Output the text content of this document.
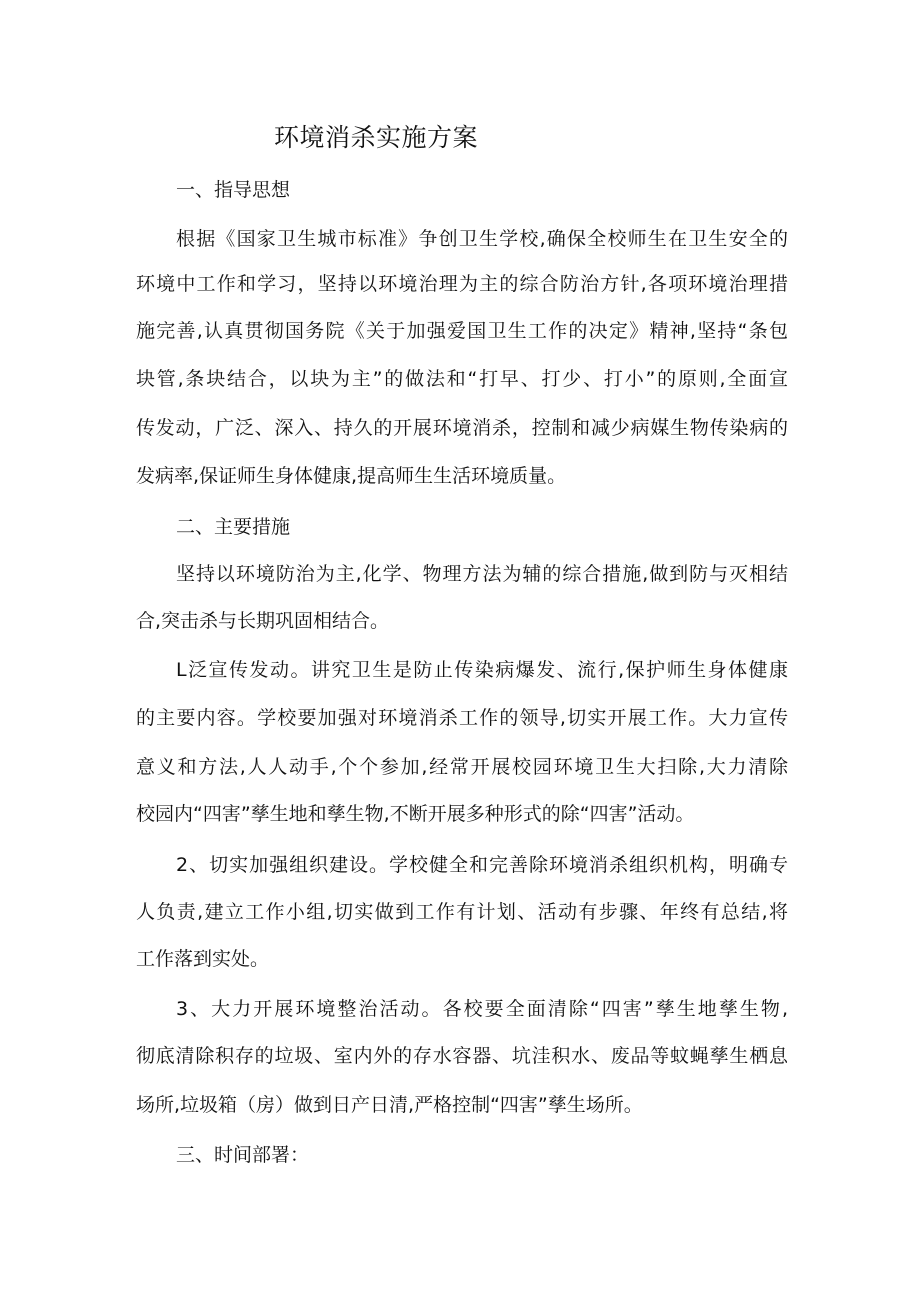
环境消杀实施方案
一、指导思想
根据《国家卫生城市标准》争创卫生学校,确保全校师生在卫生安全的
环境中工作和学习，坚持以环境治理为主的综合防治方针,各项环境治理措
施完善,认真贯彻国务院《关于加强爱国卫生工作的决定》精神,坚持“条包
块管,条块结合，以块为主”的做法和“打早、打少、打小”的原则,全面宣
传发动，广泛、深入、持久的开展环境消杀，控制和减少病媒生物传染病的
发病率,保证师生身体健康,提高师生生活环境质量。
二、主要措施
坚持以环境防治为主,化学、物理方法为辅的综合措施,做到防与灭相结
合,突击杀与长期巩固相结合。
L泛宣传发动。讲究卫生是防止传染病爆发、流行,保护师生身体健康
的主要内容。学校要加强对环境消杀工作的领导,切实开展工作。大力宣传
意义和方法,人人动手,个个参加,经常开展校园环境卫生大扫除,大力清除
校园内“四害”孳生地和孳生物,不断开展多种形式的除“四害”活动。
2、切实加强组织建设。学校健全和完善除环境消杀组织机构，明确专
人负责,建立工作小组,切实做到工作有计划、活动有步骤、年终有总结,将
工作落到实处。
3、大力开展环境整治活动。各校要全面清除“四害”孳生地孳生物,
彻底清除积存的垃圾、室内外的存水容器、坑洼积水、废品等蚊蝇孳生栖息
场所,垃圾箱（房）做到日产日清,严格控制“四害”孳生场所。
三、时间部署：
